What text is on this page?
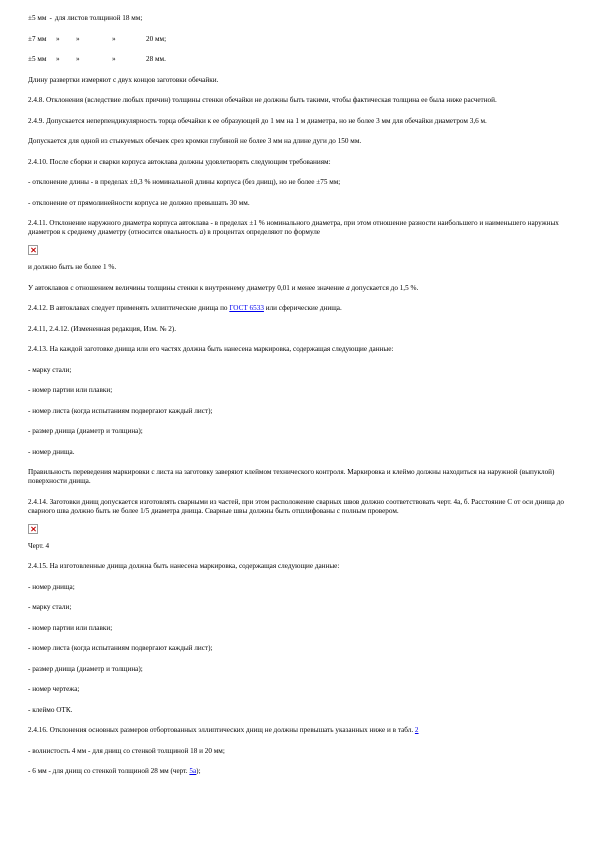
±5 мм - для листов толщиной 18 мм;
±7 мм	»	»	»	20 мм;
±5 мм	»	»	»	28 мм.

Длину развертки измеряют с двух концов заготовки обечайки.

2.4.8. Отклонения (вследствие любых причин) толщины стенки обечайки не должны быть такими, чтобы фактическая толщина ее была ниже расчетной.

2.4.9. Допускается неперпендикулярность торца обечайки к ее образующей до 1 мм на 1 м диаметра, но не более 3 мм для обечайки диаметром 3,6 м.

Допускается для одной из стыкуемых обечаек срез кромки глубиной не более 3 мм на длине дуги до 150 мм.

2.4.10. После сборки и сварки корпуса автоклава должны удовлетворять следующим требованиям:

- отклонение длины - в пределах ±0,3 % номинальной длины корпуса (без днищ), но не более ±75 мм;

- отклонение от прямолинейности корпуса не должно превышать 30 мм.

2.4.11. Отклонение наружного диаметра корпуса автоклава - в пределах ±1 % номинального диаметра, при этом отношение разности наибольшего и наименьшего наружных диаметров к среднему диаметру (относится овальность а) в процентах определяют по формуле

и должно быть не более 1 %.

У автоклавов с отношением величины толщины стенки к внутреннему диаметру 0,01 и менее значение а допускается до 1,5 %.

2.4.12. В автоклавах следует применять эллиптические днища по ГОСТ 6533 или сферические днища.

2.4.11, 2.4.12. (Измененная редакция, Изм. № 2).

2.4.13. На каждой заготовке днища или его частях должна быть нанесена маркировка, содержащая следующие данные:

- марку стали;

- номер партии или плавки;

- номер листа (когда испытаниям подвергают каждый лист);

- размер днища (диаметр и толщина);

- номер днища.

Правильность переведения маркировки с листа на заготовку заверяют клеймом технического контроля. Маркировка и клеймо должны находиться на наружной (выпуклой) поверхности днища.

2.4.14. Заготовки днищ допускается изготовлять сварными из частей, при этом расположение сварных швов должно соответствовать черт. 4а, б. Расстояние С от оси днища до сварного шва должно быть не более 1/5 диаметра днища. Сварные швы должны быть отшлифованы с полным провером.

Черт. 4

2.4.15. На изготовленные днища должна быть нанесена маркировка, содержащая следующие данные:

- номер днища;

- марку стали;

- номер партии или плавки;

- номер листа (когда испытаниям подвергают каждый лист);

- размер днища (диаметр и толщина);

- номер чертежа;

- клеймо ОТК.

2.4.16. Отклонения основных размеров отбортованных эллиптических днищ не должны превышать указанных ниже и в табл. 2

- волнистость 4 мм - для днищ со стенкой толщиной 18 и 20 мм;

- 6 мм - для днищ со стенкой толщиной 28 мм (черт. 5а);
